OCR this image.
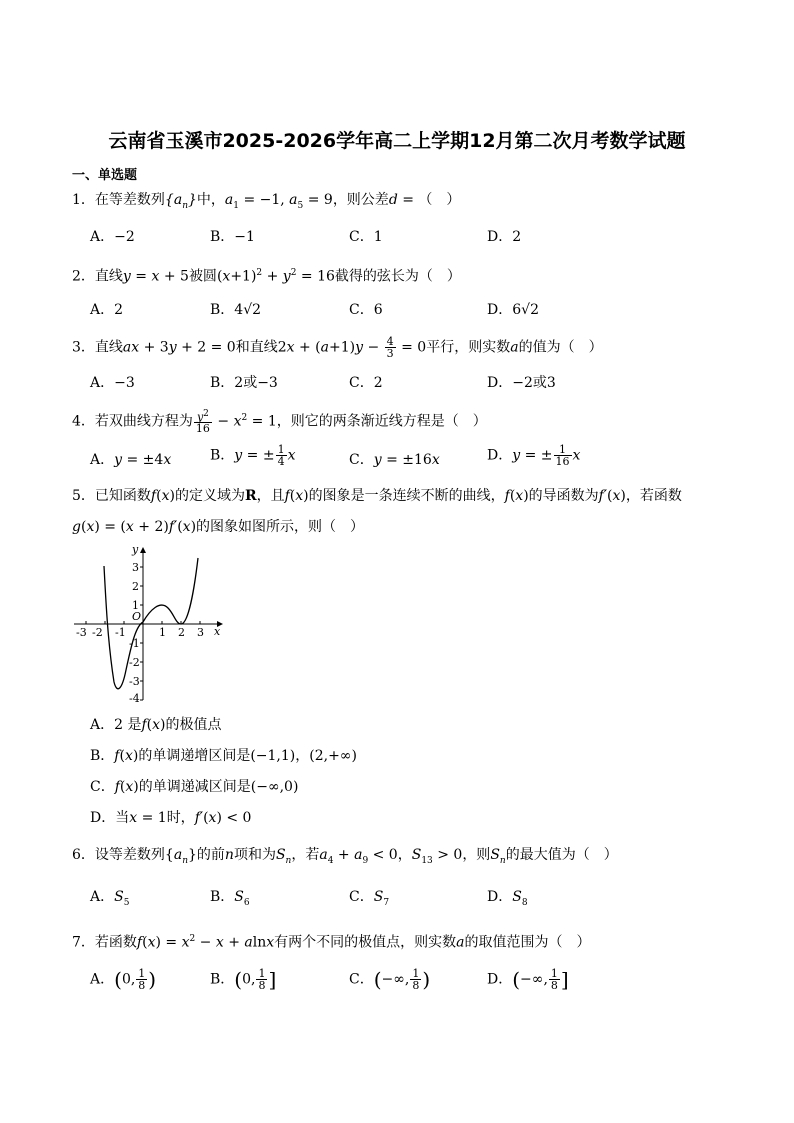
云南省玉溪市2025-2026学年高二上学期12月第二次月考数学试题
一、单选题
1．在等差数列$\{a_n\}$中，$a_1 = -1$, $a_5 = 9$，则公差d = （　）
A．−2	B．−1	C．1	D．2
2．直线y = x + 5被圆$(x+1)^2 + y^2 = 16$截得的弦长为（　）
A．2	B．4√2	C．6	D．6√2
3．直线ax + 3y + 2 = 0和直线$2x + (a+1)y - \frac{4}{3} = 0$平行，则实数a的值为（　）
A．−3	B．2或−3	C．2	D．−2或3
4．若双曲线方程为 $\frac{y^2}{16} - x^2 = 1$，则它的两条渐近线方程是（　）
A．y = ±4x	B．y = ± $\frac{1}{4}$ x	C．y = ±16x	D．y = ± $\frac{1}{16}$ x
5．已知函数f(x)的定义域为R，且f(x)的图象是一条连续不断的曲线，f(x)的导函数为f′(x)，若函数
g(x) = (x + 2)f′(x)的图象如图所示，则（　）
y
x
O
-3 -2 -1	1 2 3
3
2
1
-1
-2
-3
-4
A．2 是f(x)的极值点
B．f(x)的单调递增区间是(−1,1)，(2,+∞)
C．f(x)的单调递减区间是(−∞,0)
D．当x = 1时，f′(x) < 0
6．设等差数列$\{a_n\}$的前n项和为$S_n$，若$a_4 + a_9 < 0$，$S_{13} > 0$，则$S_n$的最大值为（　）
A．$S_5$	B．$S_6$	C．$S_7$	D．$S_8$
7．若函数$f(x) = x^2 - x + alnx$有两个不同的极值点，则实数a的取值范围为（　）
A．(0, $\frac{1}{8}$ )	B．(0, $\frac{1}{8}$ ]	C．(−∞, $\frac{1}{8}$ )	D．(−∞, $\frac{1}{8}$ ]
